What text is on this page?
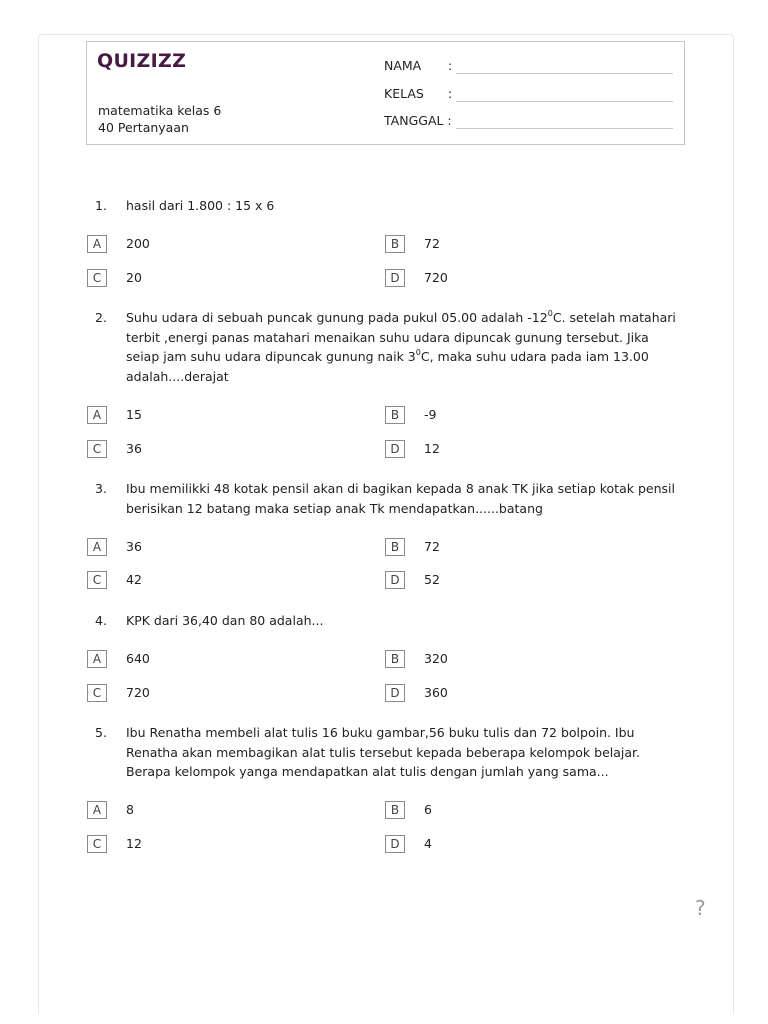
QUIZIZZ
matematika kelas 6
40 Pertanyaan
NAMA :
KELAS :
TANGGAL :
1. hasil dari 1.800 : 15 x 6
A	200	B	72
C	20	D	720
2. Suhu udara di sebuah puncak gunung pada pukul 05.00 adalah $-12^0C$. setelah matahari terbit ,energi panas matahari menaikan suhu udara dipuncak gunung tersebut. Jika seiap jam suhu udara dipuncak gunung naik $3^0C$, maka suhu udara pada iam 13.00 adalah....derajat
A	15	B	-9
C	36	D	12
3. Ibu memilikki 48 kotak pensil akan di bagikan kepada 8 anak TK jika setiap kotak pensil berisikan 12 batang maka setiap anak Tk mendapatkan......batang
A	36	B	72
C	42	D	52
4. KPK dari 36,40 dan 80 adalah...
A	640	B	320
C	720	D	360
5. Ibu Renatha membeli alat tulis 16 buku gambar,56 buku tulis dan 72 bolpoin. Ibu Renatha akan membagikan alat tulis tersebut kepada beberapa kelompok belajar. Berapa kelompok yanga mendapatkan alat tulis dengan jumlah yang sama...
A	8	B	6
C	12	D	4
?
